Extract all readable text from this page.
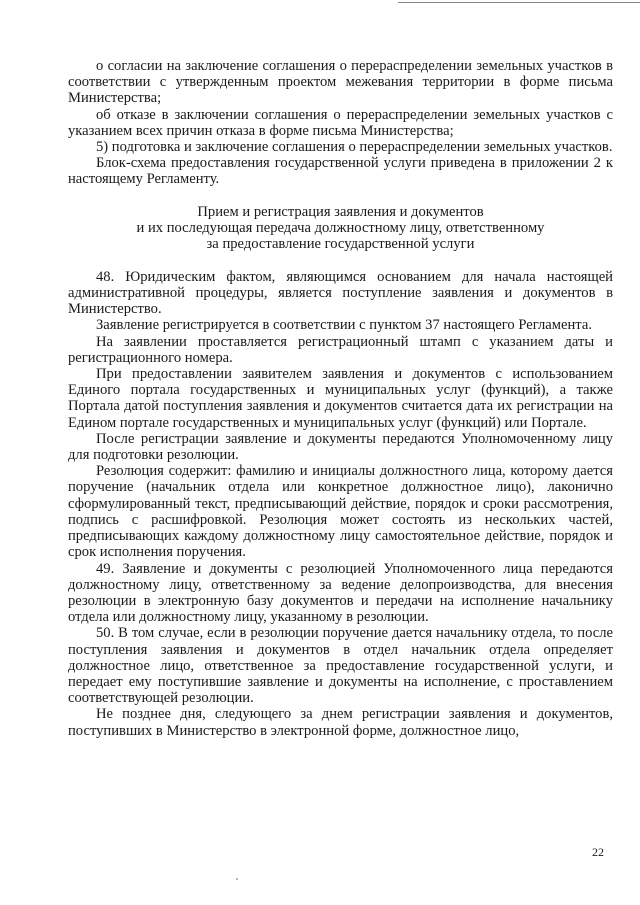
о согласии на заключение соглашения о перераспределении земельных участков в соответствии с утвержденным проектом межевания территории в форме письма Министерства;

об отказе в заключении соглашения о перераспределении земельных участков с указанием всех причин отказа в форме письма Министерства;

5) подготовка и заключение соглашения о перераспределении земельных участков.

Блок-схема предоставления государственной услуги приведена в приложении 2 к настоящему Регламенту.

Прием и регистрация заявления и документов
и их последующая передача должностному лицу, ответственному
за предоставление государственной услуги

48. Юридическим фактом, являющимся основанием для начала настоящей административной процедуры, является поступление заявления и документов в Министерство.

Заявление регистрируется в соответствии с пунктом 37 настоящего Регламента.

На заявлении проставляется регистрационный штамп с указанием даты и регистрационного номера.

При предоставлении заявителем заявления и документов с использованием Единого портала государственных и муниципальных услуг (функций), а также Портала датой поступления заявления и документов считается дата их регистрации на Едином портале государственных и муниципальных услуг (функций) или Портале.

После регистрации заявление и документы передаются Уполномоченному лицу для подготовки резолюции.

Резолюция содержит: фамилию и инициалы должностного лица, которому дается поручение (начальник отдела или конкретное должностное лицо), лаконично сформулированный текст, предписывающий действие, порядок и сроки рассмотрения, подпись с расшифровкой. Резолюция может состоять из нескольких частей, предписывающих каждому должностному лицу самостоятельное действие, порядок и срок исполнения поручения.

49. Заявление и документы с резолюцией Уполномоченного лица передаются должностному лицу, ответственному за ведение делопроизводства, для внесения резолюции в электронную базу документов и передачи на исполнение начальнику отдела или должностному лицу, указанному в резолюции.

50. В том случае, если в резолюции поручение дается начальнику отдела, то после поступления заявления и документов в отдел начальник отдела определяет должностное лицо, ответственное за предоставление государственной услуги, и передает ему поступившие заявление и документы на исполнение, с проставлением соответствующей резолюции.

Не позднее дня, следующего за днем регистрации заявления и документов, поступивших в Министерство в электронной форме, должностное лицо,

22
